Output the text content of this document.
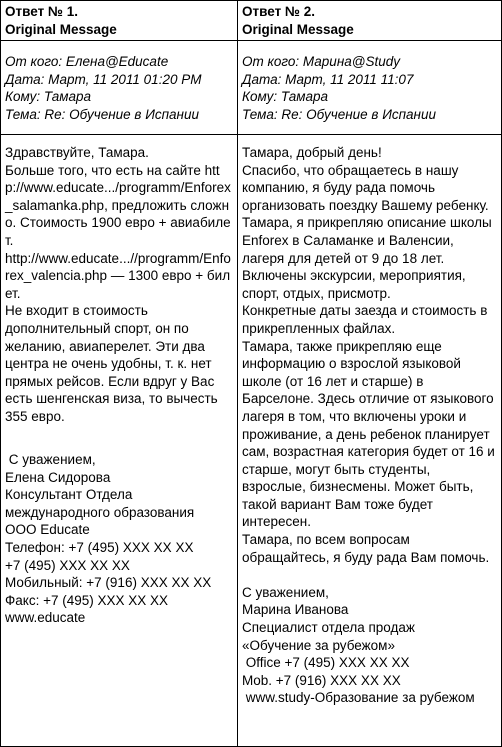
Ответ № 1.

Original Message

От кого: Елена@Educate

Дата: Март, 11 2011 01:20 PM

Кому: Тамара

Тема: Re: Обучение в Испании

Здравствуйте, Тамара.

Больше того, что есть на сайте http://www.educate.../programm/Enforex_salamanka.php, предложить сложно. Стоимость 1900 евро + авиабилет.

http://www.educate...//programm/Enforex_valencia.php — 1300 евро + билет.

Не входит в стоимость дополнительный спорт, он по желанию, авиаперелет. Эти два центра не очень удобны, т. к. нет прямых рейсов. Если вдруг у Вас есть шенгенская виза, то вычесть 355 евро.

С уважением,

Елена Сидорова

Консультант Отдела международного образования

ООО Educate

Телефон: +7 (495) XXX XX XX

+7 (495) XXX XX XX

Мобильный: +7 (916) XXX XX XX

Факс: +7 (495) XXX XX XX

www.educate

Ответ № 2.

Original Message

От кого: Марина@Study

Дата: Март, 11 2011 11:07

Кому: Тамара

Тема: Re: Обучение в Испании

Тамара, добрый день!

Спасибо, что обращаетесь в нашу компанию, я буду рада помочь организовать поездку Вашему ребенку.

Тамара, я прикрепляю описание школы Enforex в Саламанке и Валенсии, лагеря для детей от 9 до 18 лет.

Включены экскурсии, мероприятия, спорт, отдых, присмотр.

Конкретные даты заезда и стоимость в прикрепленных файлах.

Тамара, также прикрепляю еще информацию о взрослой языковой школе (от 16 лет и старше) в Барселоне. Здесь отличие от языкового лагеря в том, что включены уроки и проживание, а день ребенок планирует сам, возрастная категория будет от 16 и старше, могут быть студенты, взрослые, бизнесмены. Может быть, такой вариант Вам тоже будет интересен.

Тамара, по всем вопросам обращайтесь, я буду рада Вам помочь.

С уважением,

Марина Иванова

Специалист отдела продаж

«Обучение за рубежом»

Office +7 (495) XXX XX XX

Mob. +7 (916) XXX XX XX

www.study-Образование за рубежом
